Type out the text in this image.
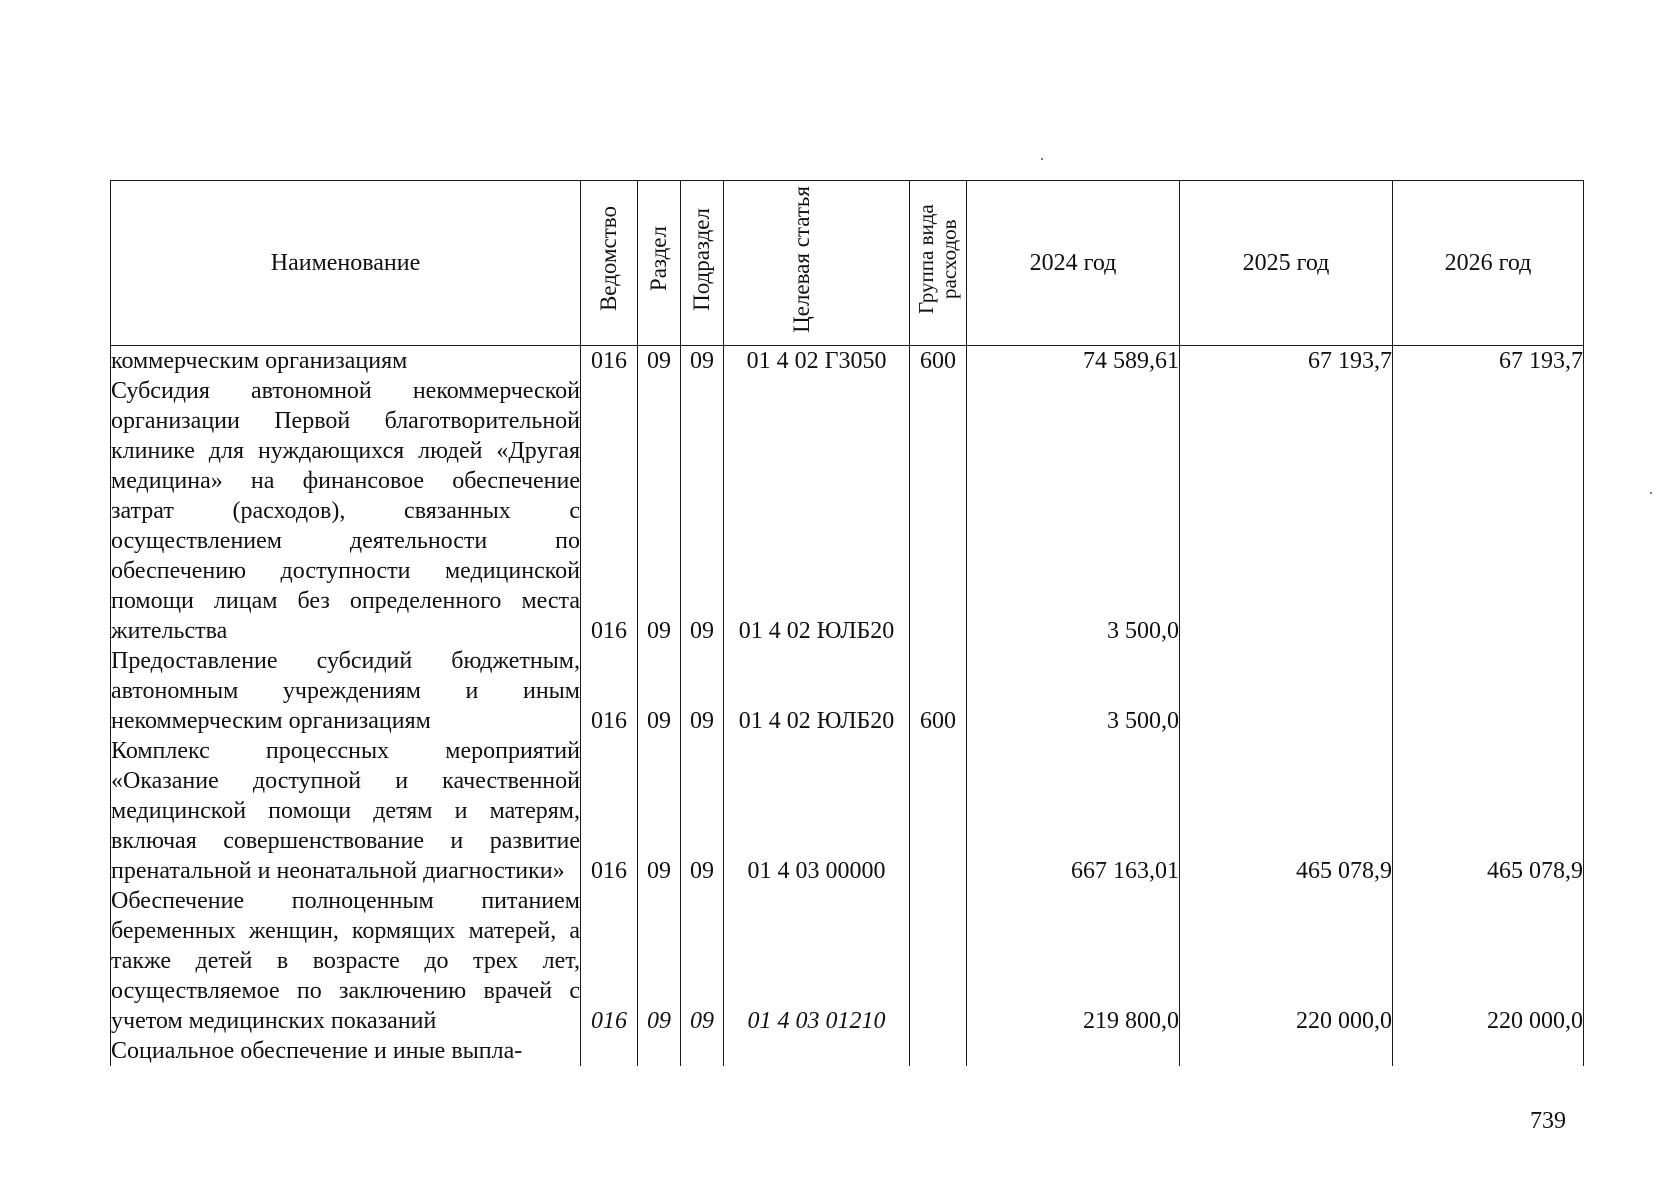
Наименование	Ведомство	Раздел	Подраздел	Целевая статья	Группа вида расходов	2024 год	2025 год	2026 год
коммерческим организациям	016	09	09	01 4 02 Г3050	600	74 589,61	67 193,7	67 193,7
Субсидия автономной некоммерческой организации Первой благотворительной клинике для нуждающихся людей «Другая медицина» на финансовое обеспечение затрат (расходов), связанных с осуществлением деятельности по обеспечению доступности медицинской помощи лицам без определенного места жительства	016	09	09	01 4 02 ЮЛБ20		3 500,0		
Предоставление субсидий бюджетным, автономным учреждениям и иным некоммерческим организациям	016	09	09	01 4 02 ЮЛБ20	600	3 500,0		
Комплекс процессных мероприятий «Оказание доступной и качественной медицинской помощи детям и матерям, включая совершенствование и развитие пренатальной и неонатальной диагностики»	016	09	09	01 4 03 00000		667 163,01	465 078,9	465 078,9
Обеспечение полноценным питанием беременных женщин, кормящих матерей, а также детей в возрасте до трех лет, осуществляемое по заключению врачей с учетом медицинских показаний	016	09	09	01 4 03 01210		219 800,0	220 000,0	220 000,0
Социальное обеспечение и иные выпла-								
739
